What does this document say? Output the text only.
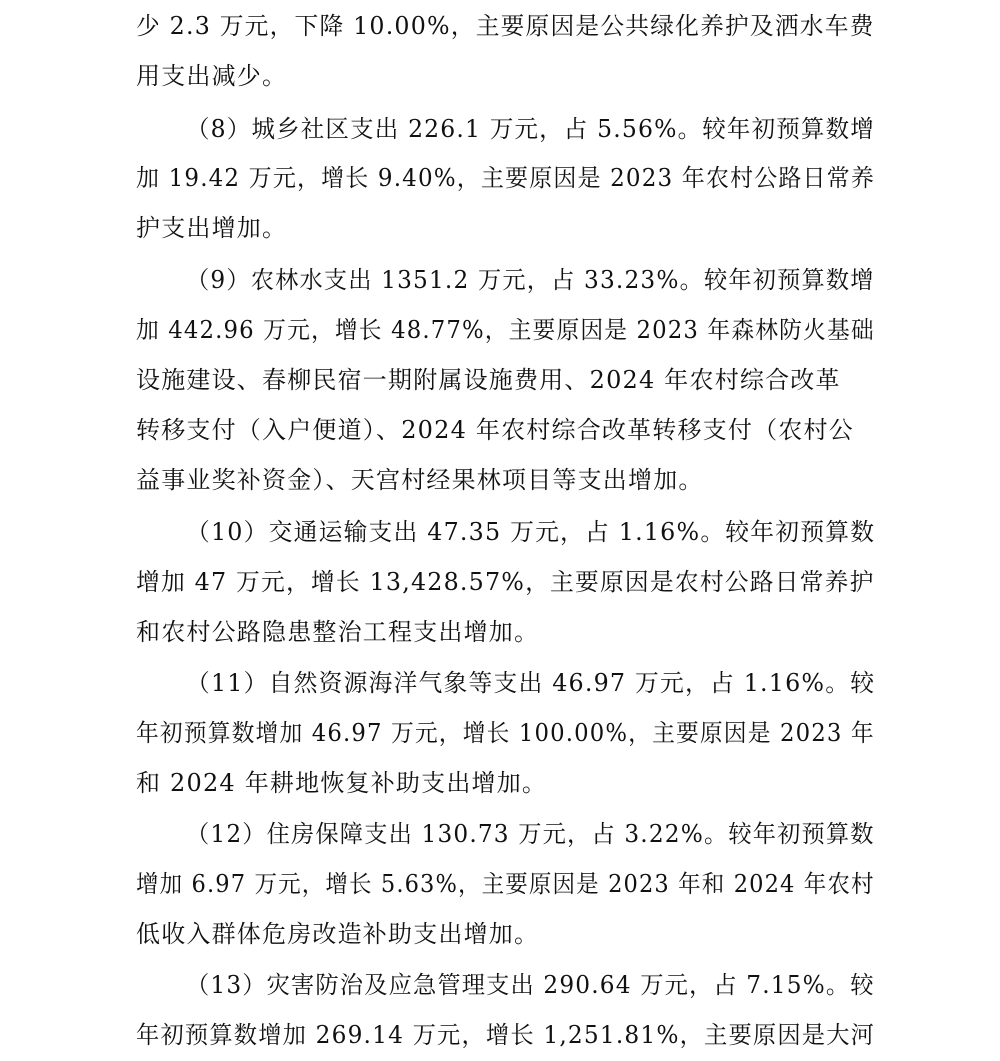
少 2.3 万元，下降 10.00%，主要原因是公共绿化养护及洒水车费
用支出减少。
（8）城乡社区支出 226.1 万元，占 5.56%。较年初预算数增
加 19.42 万元，增长 9.40%，主要原因是 2023 年农村公路日常养
护支出增加。
（9）农林水支出 1351.2 万元，占 33.23%。较年初预算数增
加 442.96 万元，增长 48.77%，主要原因是 2023 年森林防火基础
设施建设、春柳民宿一期附属设施费用、2024 年农村综合改革
转移支付（入户便道）、2024 年农村综合改革转移支付（农村公
益事业奖补资金）、天宫村经果林项目等支出增加。
（10）交通运输支出 47.35 万元，占 1.16%。较年初预算数
增加 47 万元，增长 13,428.57%，主要原因是农村公路日常养护
和农村公路隐患整治工程支出增加。
（11）自然资源海洋气象等支出 46.97 万元，占 1.16%。较
年初预算数增加 46.97 万元，增长 100.00%，主要原因是 2023 年
和 2024 年耕地恢复补助支出增加。
（12）住房保障支出 130.73 万元，占 3.22%。较年初预算数
增加 6.97 万元，增长 5.63%，主要原因是 2023 年和 2024 年农村
低收入群体危房改造补助支出增加。
（13）灾害防治及应急管理支出 290.64 万元，占 7.15%。较
年初预算数增加 269.14 万元，增长 1,251.81%，主要原因是大河
